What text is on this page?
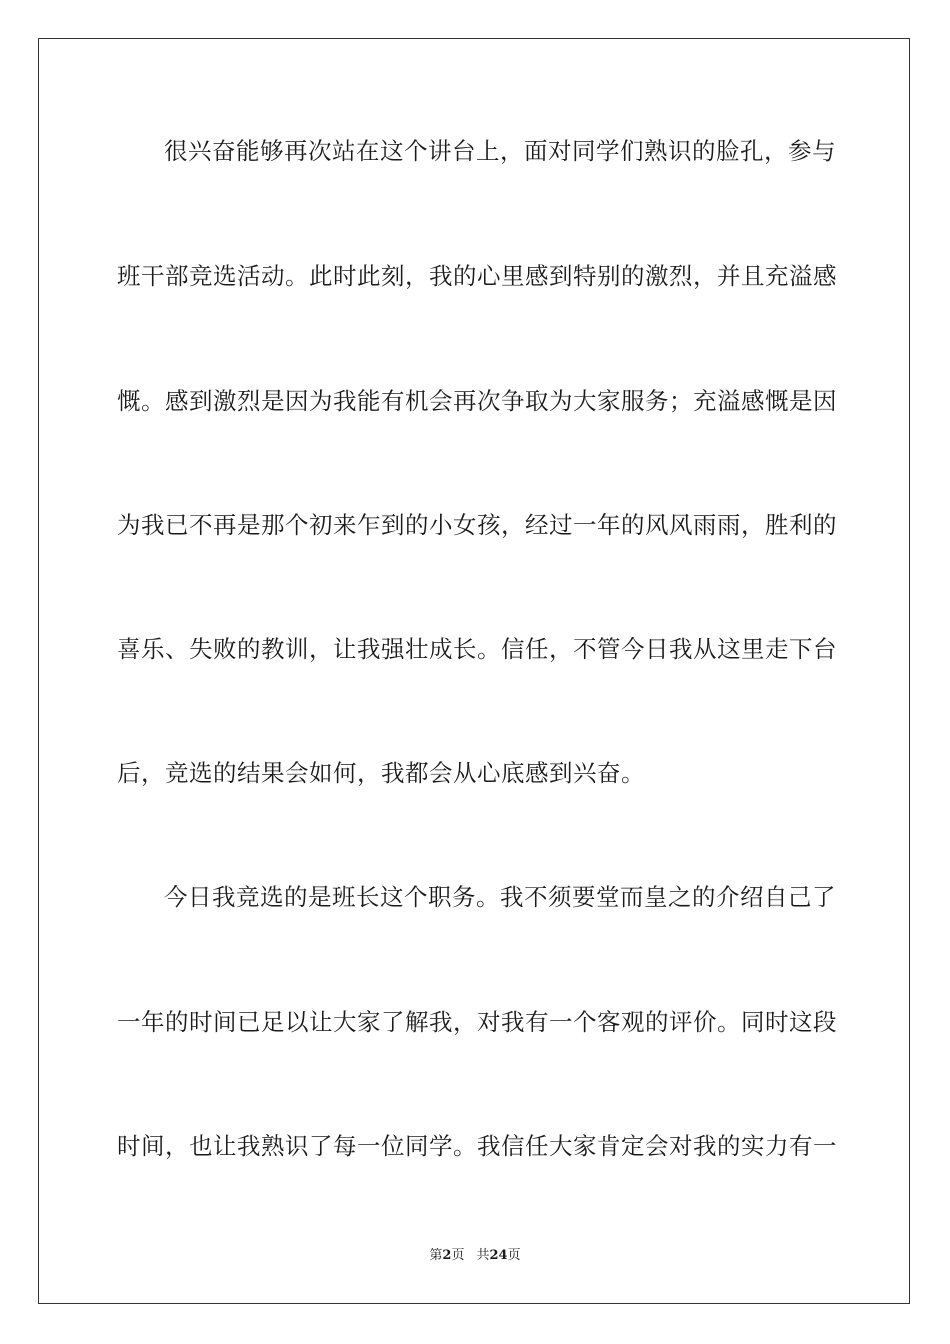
很兴奋能够再次站在这个讲台上，面对同学们熟识的脸孔，参与
班干部竞选活动。此时此刻，我的心里感到特别的激烈，并且充溢感
慨。感到激烈是因为我能有机会再次争取为大家服务；充溢感慨是因
为我已不再是那个初来乍到的小女孩，经过一年的风风雨雨，胜利的
喜乐、失败的教训，让我强壮成长。信任，不管今日我从这里走下台
后，竞选的结果会如何，我都会从心底感到兴奋。
今日我竞选的是班长这个职务。我不须要堂而皇之的介绍自己了
一年的时间已足以让大家了解我，对我有一个客观的评价。同时这段
时间，也让我熟识了每一位同学。我信任大家肯定会对我的实力有一
第2页 共24页
